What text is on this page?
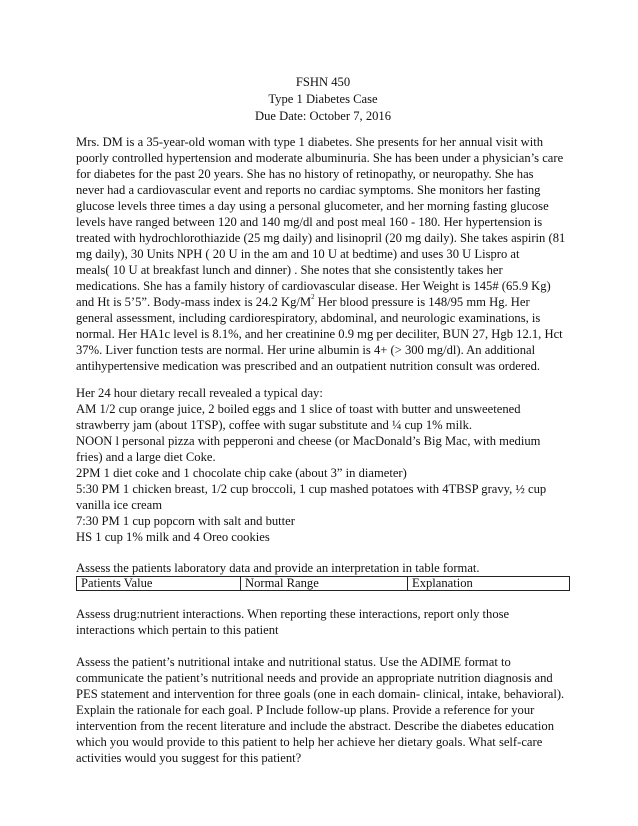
FSHN 450
Type 1 Diabetes Case
Due Date: October 7, 2016
Mrs. DM is a 35-year-old woman with type 1 diabetes. She presents for her annual visit with
poorly controlled hypertension and moderate albuminuria. She has been under a physician’s care
for diabetes for the past 20 years. She has no history of retinopathy, or neuropathy. She has
never had a cardiovascular event and reports no cardiac symptoms. She monitors her fasting
glucose levels three times a day using a personal glucometer, and her morning fasting glucose
levels have ranged between 120 and 140 mg/dl and post meal 160 - 180. Her hypertension is
treated with hydrochlorothiazide (25 mg daily) and lisinopril (20 mg daily). She takes aspirin (81
mg daily), 30 Units NPH ( 20 U in the am and 10 U at bedtime) and uses 30 U Lispro at
meals( 10 U at breakfast lunch and dinner) . She notes that she consistently takes her
medications. She has a family history of cardiovascular disease. Her Weight is 145# (65.9 Kg)
and Ht is 5’5”. Body-mass index is 24.2 $Kg/M^2$ Her blood pressure is 148/95 mm Hg. Her
general assessment, including cardiorespiratory, abdominal, and neurologic examinations, is
normal. Her HA1c level is 8.1%, and her creatinine 0.9 mg per deciliter, BUN 27, Hgb 12.1, Hct
37%. Liver function tests are normal. Her urine albumin is 4+ (> 300 mg/dl). An additional
antihypertensive medication was prescribed and an outpatient nutrition consult was ordered.
Her 24 hour dietary recall revealed a typical day:
AM 1/2 cup orange juice, 2 boiled eggs and 1 slice of toast with butter and unsweetened
strawberry jam (about 1TSP), coffee with sugar substitute and ¼ cup 1% milk.
NOON l personal pizza with pepperoni and cheese (or MacDonald’s Big Mac, with medium
fries) and a large diet Coke.
2PM 1 diet coke and 1 chocolate chip cake (about 3” in diameter)
5:30 PM 1 chicken breast, 1/2 cup broccoli, 1 cup mashed potatoes with 4TBSP gravy, ½ cup
vanilla ice cream
7:30 PM 1 cup popcorn with salt and butter
HS 1 cup 1% milk and 4 Oreo cookies
Assess the patients laboratory data and provide an interpretation in table format.
Patients Value	Normal Range	Explanation
Assess drug:nutrient interactions. When reporting these interactions, report only those
interactions which pertain to this patient
Assess the patient’s nutritional intake and nutritional status. Use the ADIME format to
communicate the patient’s nutritional needs and provide an appropriate nutrition diagnosis and
PES statement and intervention for three goals (one in each domain- clinical, intake, behavioral).
Explain the rationale for each goal. P Include follow-up plans. Provide a reference for your
intervention from the recent literature and include the abstract. Describe the diabetes education
which you would provide to this patient to help her achieve her dietary goals. What self-care
activities would you suggest for this patient?
